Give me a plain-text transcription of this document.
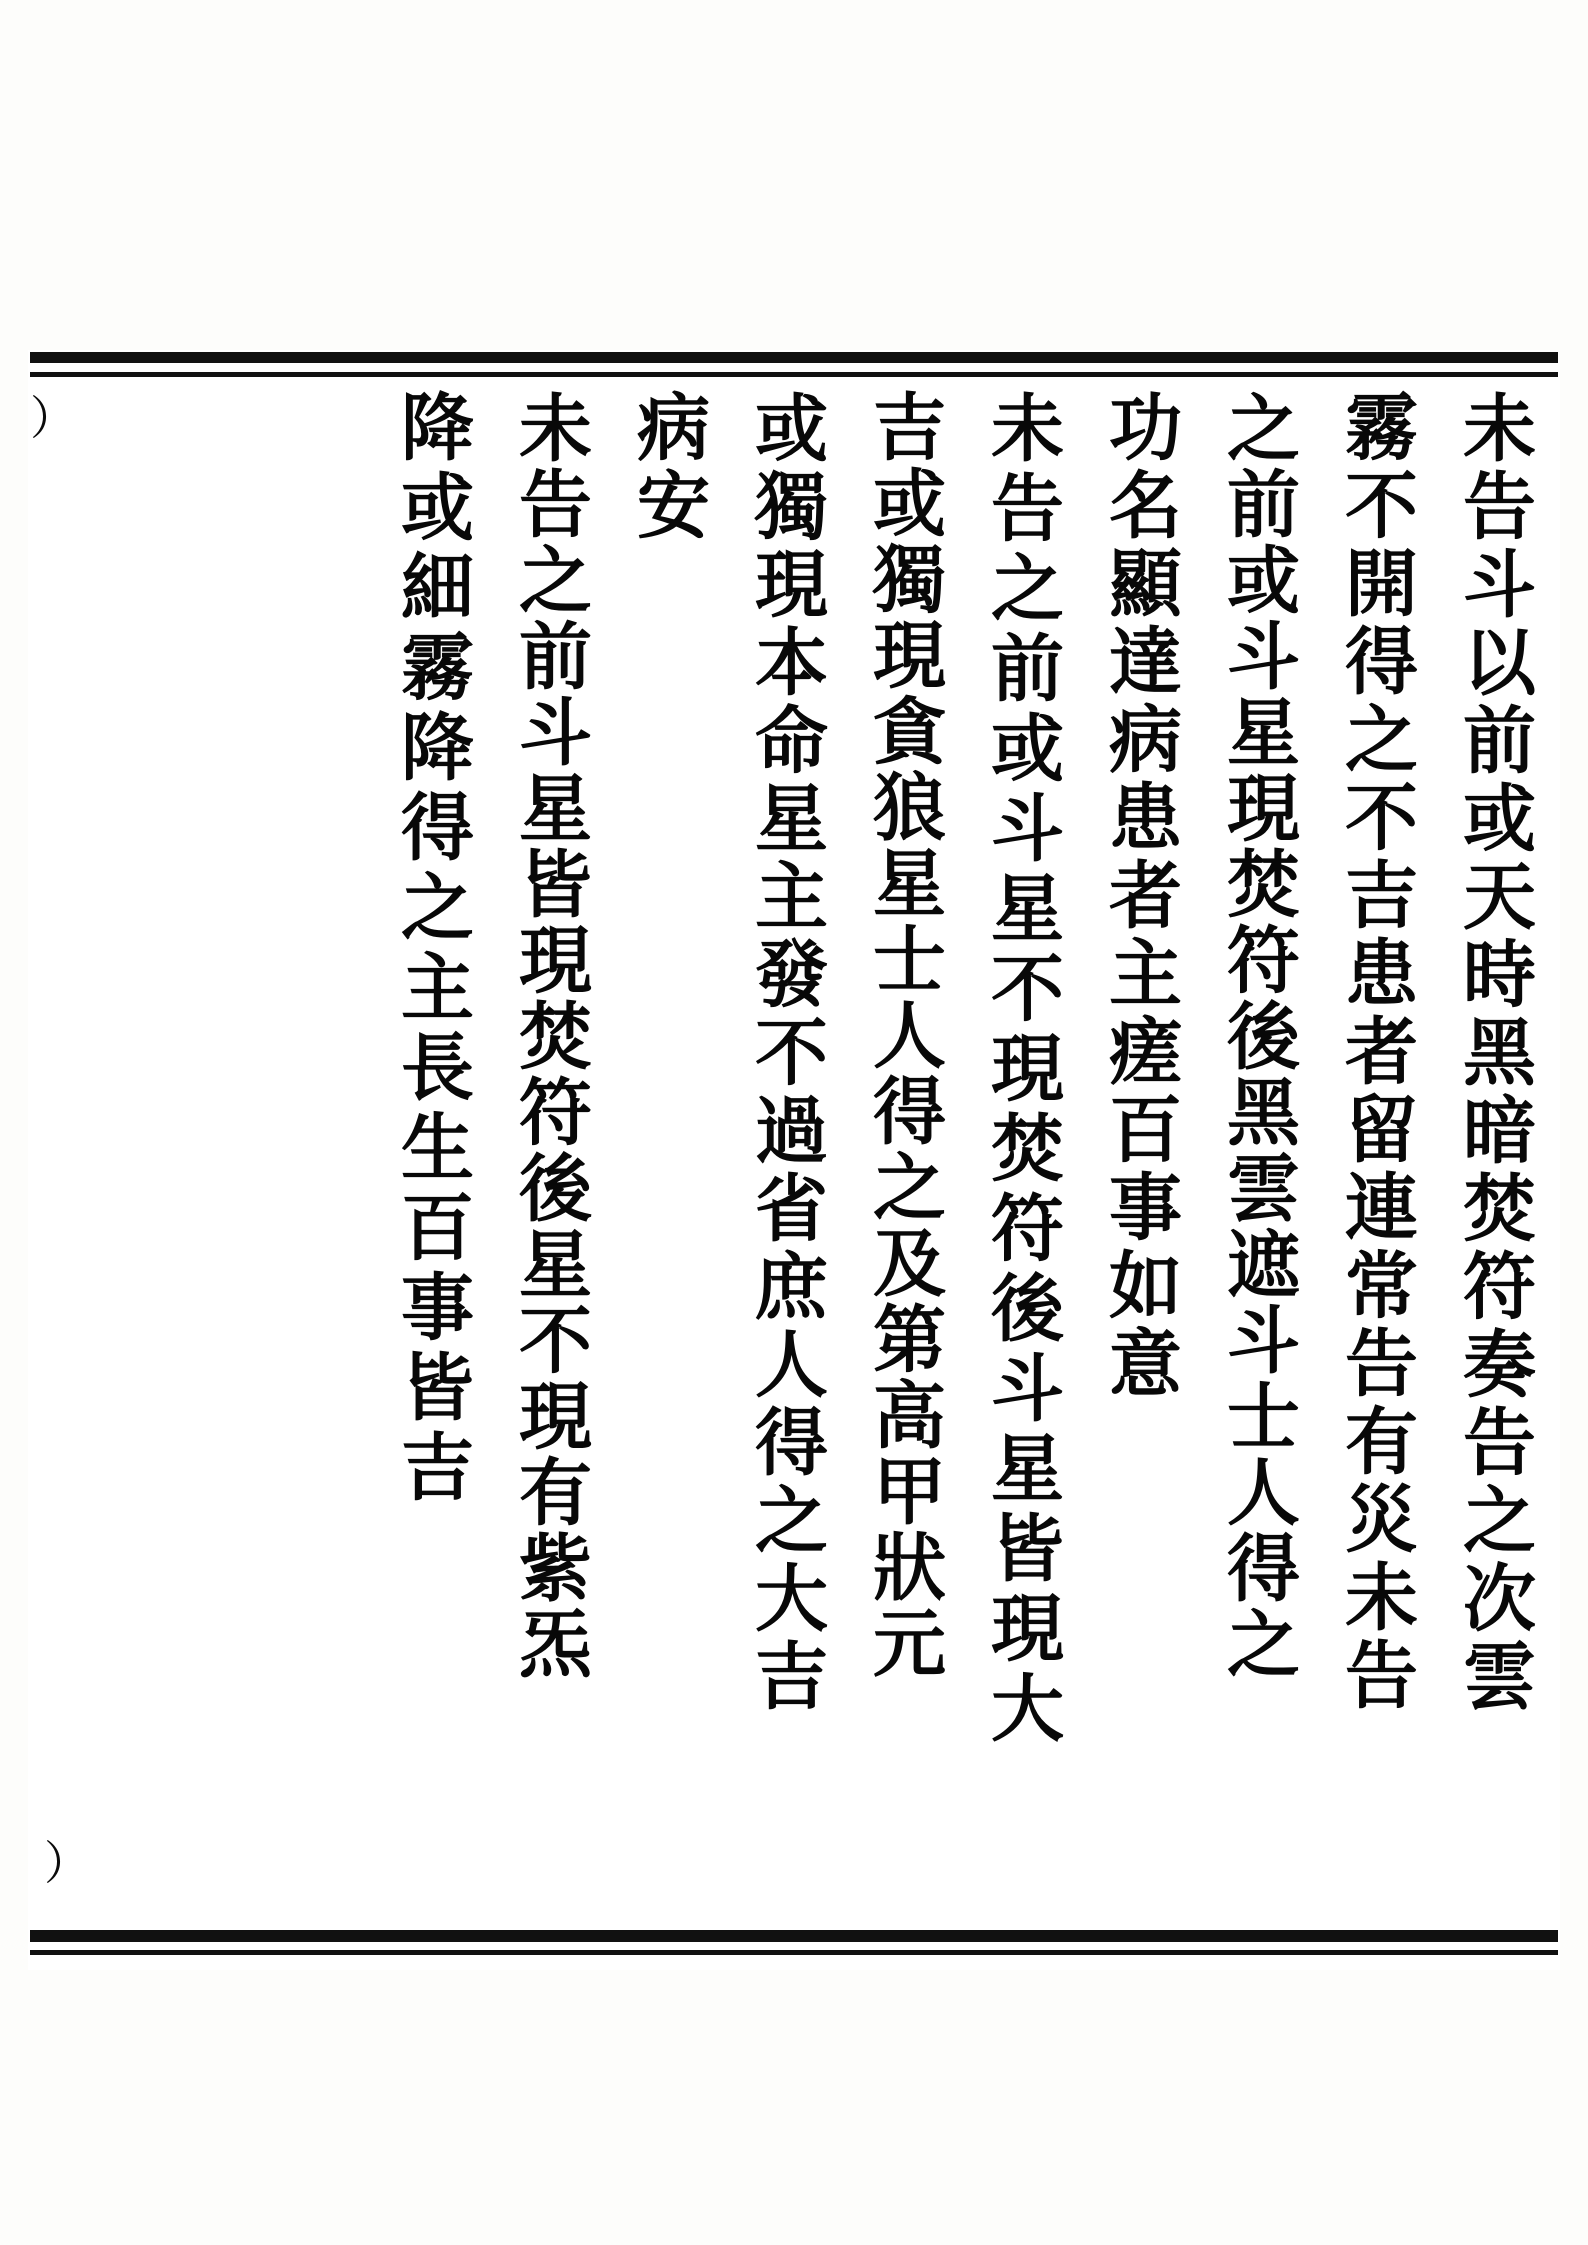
）
）
未告斗以前或天時黑暗焚符奏告之次雲
霧不開得之不吉患者留連常告有災未告
之前或斗星現焚符後黑雲遮斗士人得之
功名顯達病患者主瘥百事如意
未告之前或斗星不現焚符後斗星皆現大
吉或獨現貪狼星士人得之及第高甲狀元
或獨現本命星主發不過省庶人得之大吉
病安
未告之前斗星皆現焚符後星不現有紫炁
降或細霧降得之主長生百事皆吉
